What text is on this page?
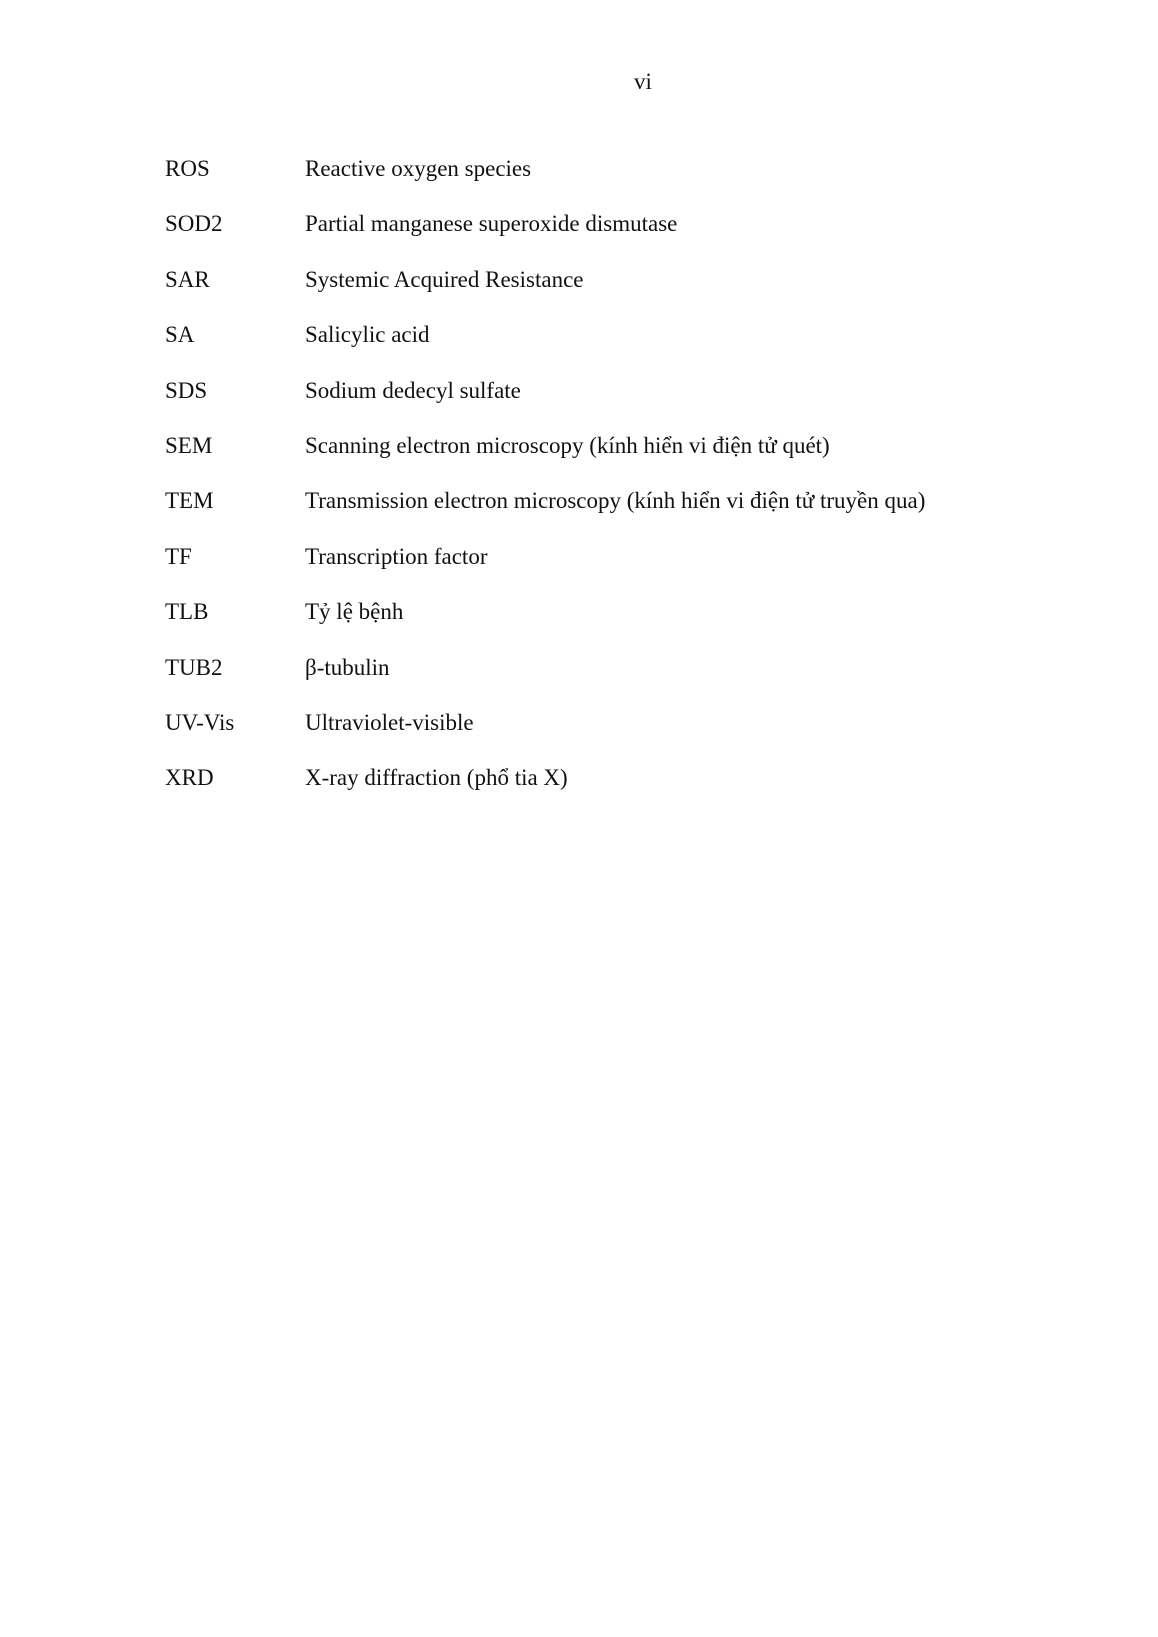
vi
ROS	Reactive oxygen species
SOD2	Partial manganese superoxide dismutase
SAR	Systemic Acquired Resistance
SA	Salicylic acid
SDS	Sodium dedecyl sulfate
SEM	Scanning electron microscopy (kính hiển vi điện tử quét)
TEM	Transmission electron microscopy (kính hiển vi điện tử truyền qua)
TF	Transcription factor
TLB	Tỷ lệ bệnh
TUB2	β-tubulin
UV-Vis	Ultraviolet-visible
XRD	X-ray diffraction (phổ tia X)
